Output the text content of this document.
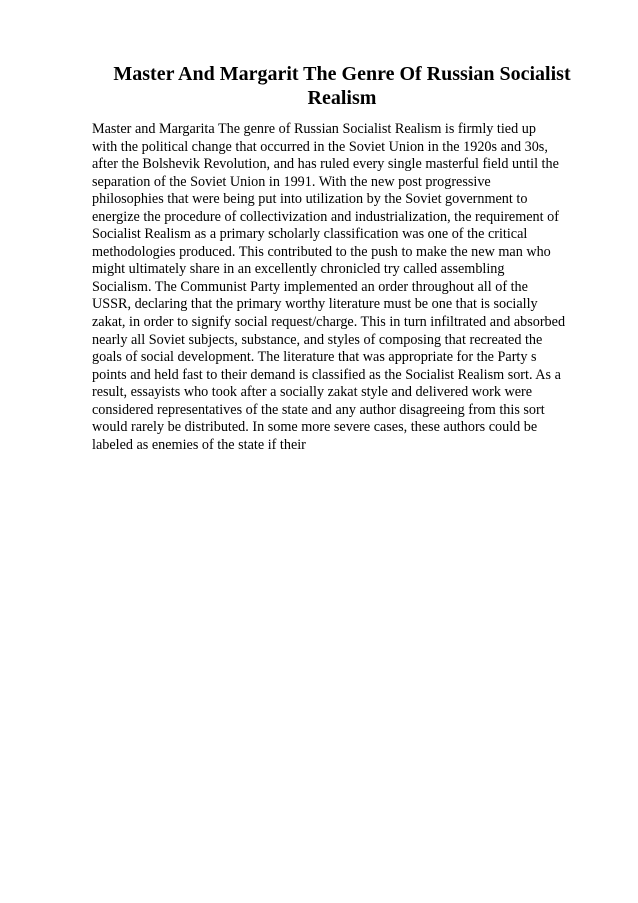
Master And Margarit The Genre Of Russian Socialist Realism
Master and Margarita The genre of Russian Socialist Realism is firmly tied up
with the political change that occurred in the Soviet Union in the 1920s and 30s,
after the Bolshevik Revolution, and has ruled every single masterful field until the
separation of the Soviet Union in 1991. With the new post progressive
philosophies that were being put into utilization by the Soviet government to
energize the procedure of collectivization and industrialization, the requirement of
Socialist Realism as a primary scholarly classification was one of the critical
methodologies produced. This contributed to the push to make the new man who
might ultimately share in an excellently chronicled try called assembling
Socialism. The Communist Party implemented an order throughout all of the
USSR, declaring that the primary worthy literature must be one that is socially
zakat, in order to signify social request/charge. This in turn infiltrated and absorbed
nearly all Soviet subjects, substance, and styles of composing that recreated the
goals of social development. The literature that was appropriate for the Party s
points and held fast to their demand is classified as the Socialist Realism sort. As a
result, essayists who took after a socially zakat style and delivered work were
considered representatives of the state and any author disagreeing from this sort
would rarely be distributed. In some more severe cases, these authors could be
labeled as enemies of the state if their
